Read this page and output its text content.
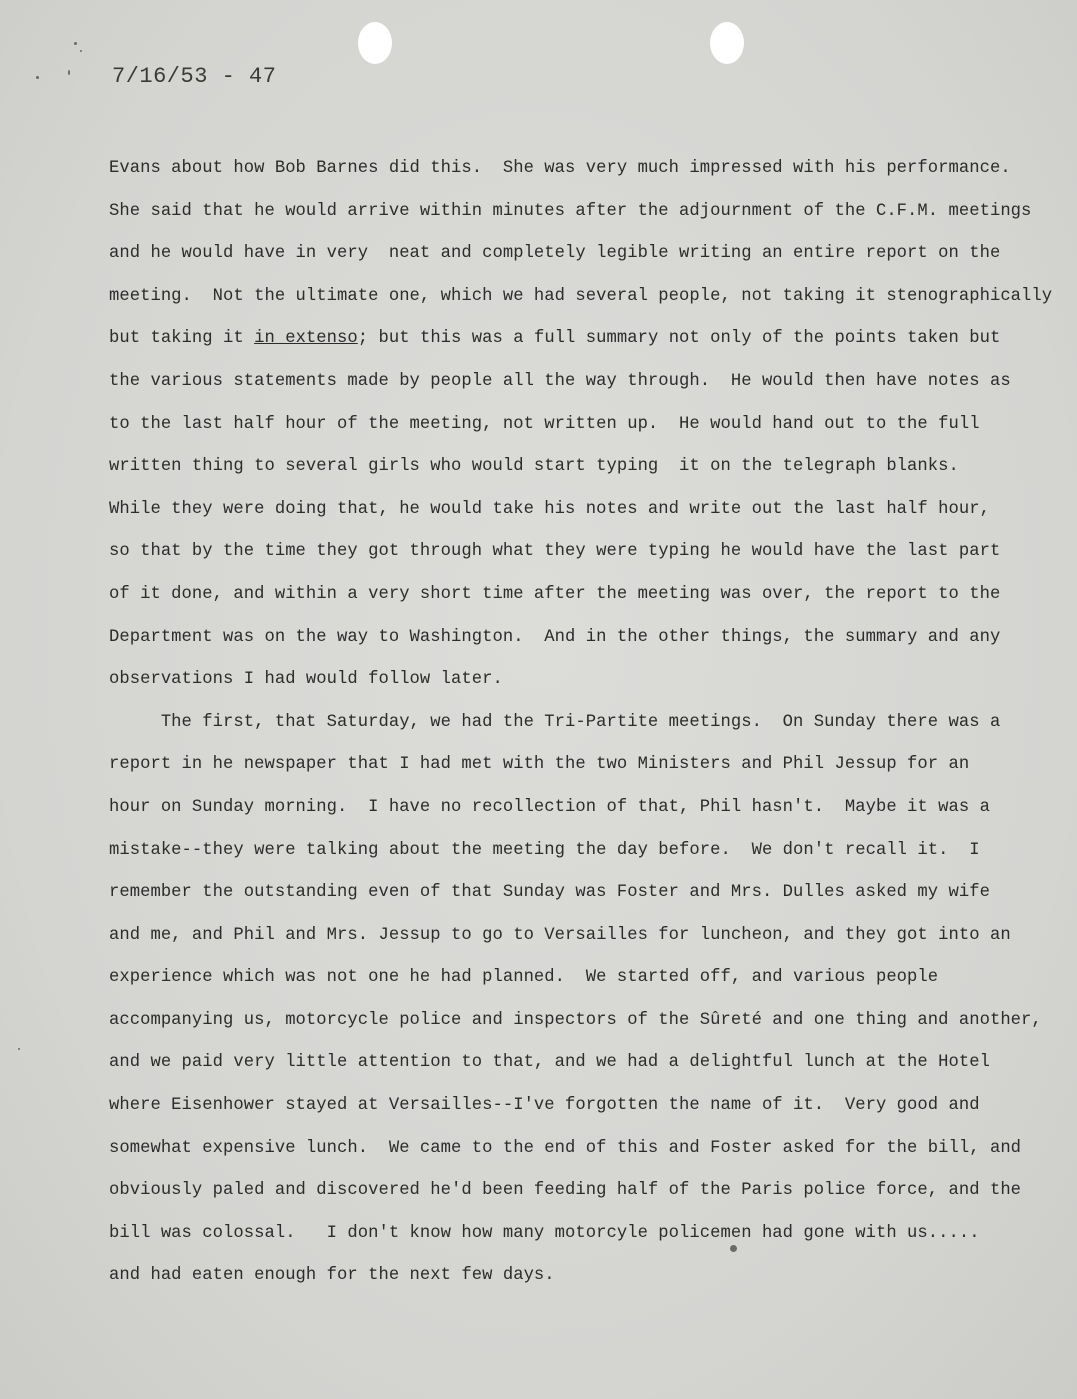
7/16/53 - 47
Evans about how Bob Barnes did this.  She was very much impressed with his performance.
She said that he would arrive within minutes after the adjournment of the C.F.M. meetings
and he would have in very  neat and completely legible writing an entire report on the
meeting.  Not the ultimate one, which we had several people, not taking it stenographically
but taking it in extenso; but this was a full summary not only of the points taken but
the various statements made by people all the way through.  He would then have notes as
to the last half hour of the meeting, not written up.  He would hand out to the full
written thing to several girls who would start typing  it on the telegraph blanks.
While they were doing that, he would take his notes and write out the last half hour,
so that by the time they got through what they were typing he would have the last part
of it done, and within a very short time after the meeting was over, the report to the
Department was on the way to Washington.  And in the other things, the summary and any
observations I had would follow later.
The first, that Saturday, we had the Tri-Partite meetings.  On Sunday there was a
report in he newspaper that I had met with the two Ministers and Phil Jessup for an
hour on Sunday morning.  I have no recollection of that, Phil hasn't.  Maybe it was a
mistake--they were talking about the meeting the day before.  We don't recall it.  I
remember the outstanding even of that Sunday was Foster and Mrs. Dulles asked my wife
and me, and Phil and Mrs. Jessup to go to Versailles for luncheon, and they got into an
experience which was not one he had planned.  We started off, and various people
accompanying us, motorcycle police and inspectors of the Sûreté and one thing and another,
and we paid very little attention to that, and we had a delightful lunch at the Hotel
where Eisenhower stayed at Versailles--I've forgotten the name of it.  Very good and
somewhat expensive lunch.  We came to the end of this and Foster asked for the bill, and
obviously paled and discovered he'd been feeding half of the Paris police force, and the
bill was colossal.   I don't know how many motorcyle policemen had gone with us.....
and had eaten enough for the next few days.
